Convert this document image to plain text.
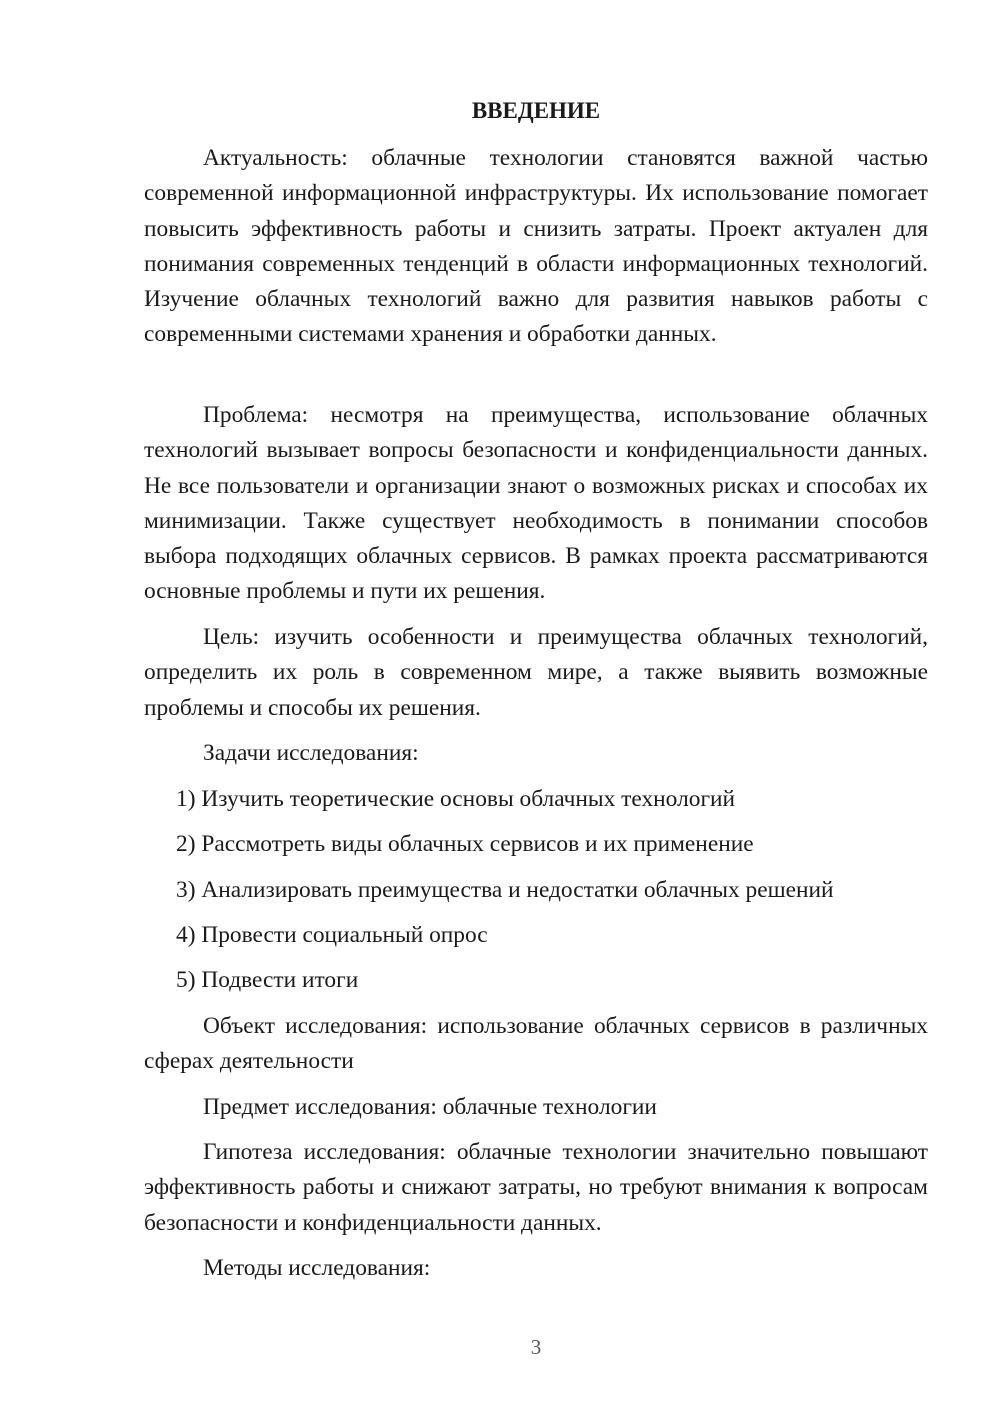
ВВЕДЕНИЕ

Актуальность: облачные технологии становятся важной частью современной информационной инфраструктуры. Их использование помогает повысить эффективность работы и снизить затраты. Проект актуален для понимания современных тенденций в области информационных технологий. Изучение облачных технологий важно для развития навыков работы с современными системами хранения и обработки данных.

Проблема: несмотря на преимущества, использование облачных технологий вызывает вопросы безопасности и конфиденциальности данных. Не все пользователи и организации знают о возможных рисках и способах их минимизации. Также существует необходимость в понимании способов выбора подходящих облачных сервисов. В рамках проекта рассматриваются основные проблемы и пути их решения.

Цель: изучить особенности и преимущества облачных технологий, определить их роль в современном мире, а также выявить возможные проблемы и способы их решения.

Задачи исследования:

1) Изучить теоретические основы облачных технологий

2) Рассмотреть виды облачных сервисов и их применение

3) Анализировать преимущества и недостатки облачных решений

4) Провести социальный опрос

5) Подвести итоги

Объект исследования: использование облачных сервисов в различных сферах деятельности

Предмет исследования: облачные технологии

Гипотеза исследования: облачные технологии значительно повышают эффективность работы и снижают затраты, но требуют внимания к вопросам безопасности и конфиденциальности данных.

Методы исследования:

3
